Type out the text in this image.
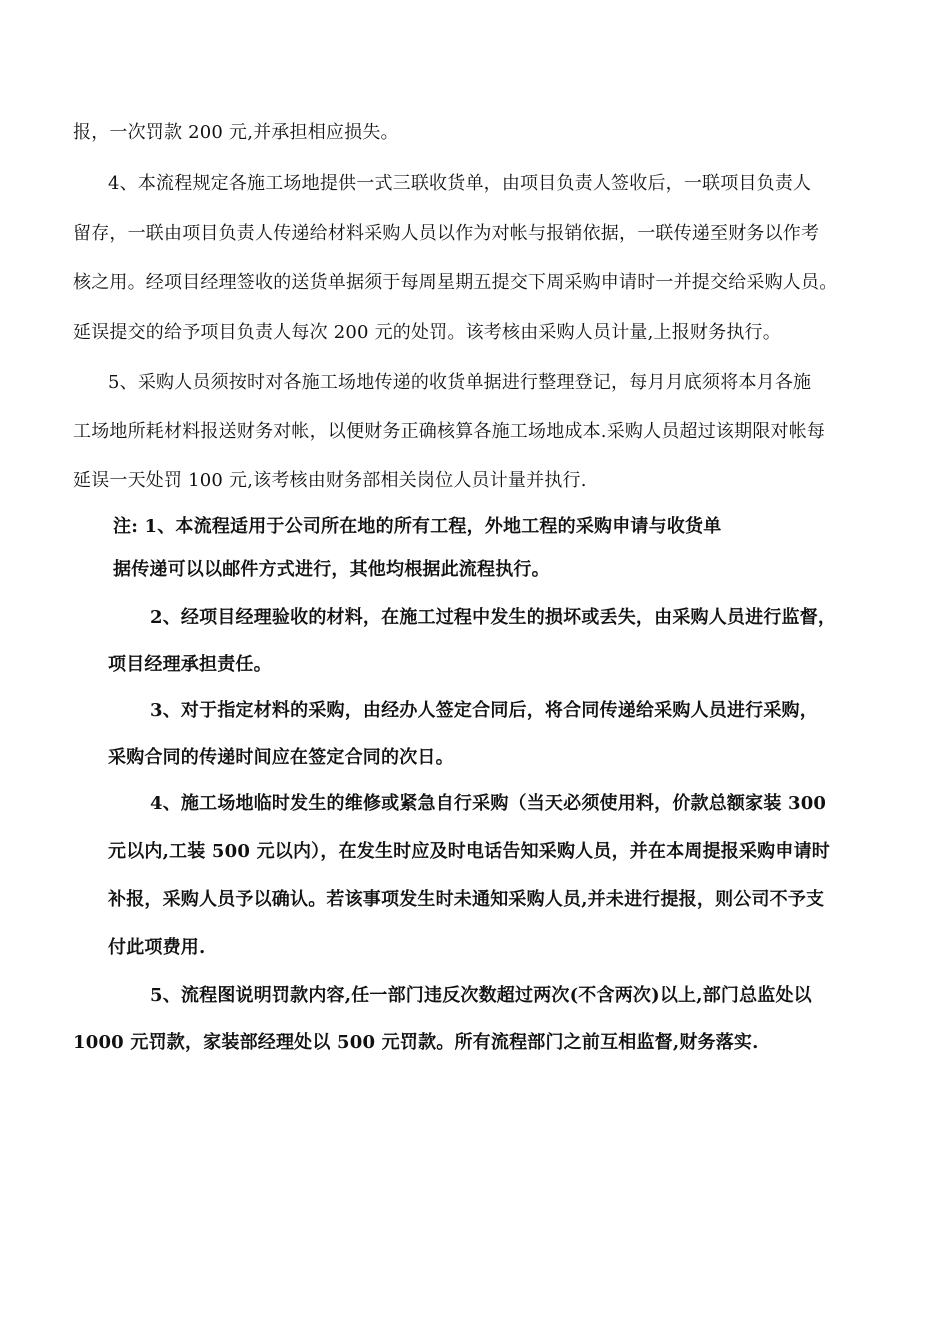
报，一次罚款 200 元,并承担相应损失。
4、本流程规定各施工场地提供一式三联收货单，由项目负责人签收后，一联项目负责人
留存，一联由项目负责人传递给材料采购人员以作为对帐与报销依据，一联传递至财务以作考
核之用。经项目经理签收的送货单据须于每周星期五提交下周采购申请时一并提交给采购人员。
延误提交的给予项目负责人每次 200 元的处罚。该考核由采购人员计量,上报财务执行。
5、采购人员须按时对各施工场地传递的收货单据进行整理登记，每月月底须将本月各施
工场地所耗材料报送财务对帐，以便财务正确核算各施工场地成本.采购人员超过该期限对帐每
延误一天处罚 100 元,该考核由财务部相关岗位人员计量并执行.
注: 1、本流程适用于公司所在地的所有工程，外地工程的采购申请与收货单
据传递可以以邮件方式进行，其他均根据此流程执行。
2、经项目经理验收的材料，在施工过程中发生的损坏或丢失，由采购人员进行监督，
项目经理承担责任。
3、对于指定材料的采购，由经办人签定合同后，将合同传递给采购人员进行采购，
采购合同的传递时间应在签定合同的次日。
4、施工场地临时发生的维修或紧急自行采购（当天必须使用料，价款总额家装 300
元以内,工装 500 元以内），在发生时应及时电话告知采购人员，并在本周提报采购申请时
补报，采购人员予以确认。若该事项发生时未通知采购人员,并未进行提报，则公司不予支
付此项费用.
5、流程图说明罚款内容,任一部门违反次数超过两次(不含两次)以上,部门总监处以
1000 元罚款，家装部经理处以 500 元罚款。所有流程部门之前互相监督,财务落实.
